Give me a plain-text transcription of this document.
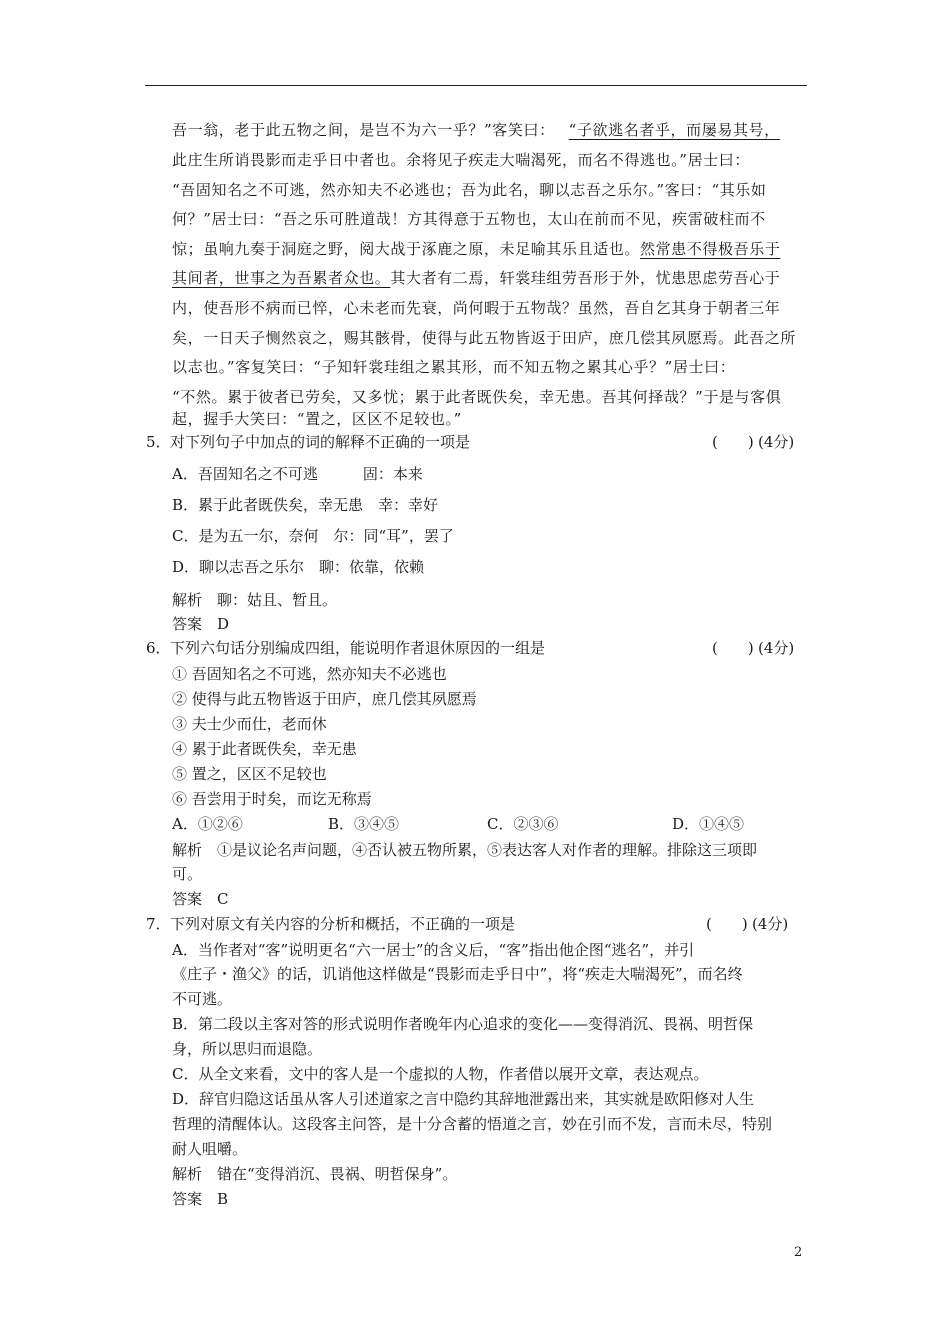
吾一翁，老于此五物之间，是岂不为六一乎？”客笑曰： “子欲逃名者乎，而屡易其号，
此庄生所诮畏影而走乎日中者也。余将见子疾走大喘渴死，而名不得逃也。”居士曰：
“吾固知名之不可逃，然亦知夫不必逃也；吾为此名，聊以志吾之乐尔。”客曰：“其乐如
何？”居士曰：“吾之乐可胜道哉！方其得意于五物也，太山在前而不见，疾雷破柱而不
惊；虽响九奏于洞庭之野，阅大战于涿鹿之原，未足喻其乐且适也。然常患不得极吾乐于
其间者，世事之为吾累者众也。其大者有二焉，轩裳珪组劳吾形于外，忧患思虑劳吾心于
内，使吾形不病而已悴，心未老而先衰，尚何暇于五物哉？虽然，吾自乞其身于朝者三年
矣，一日天子恻然哀之，赐其骸骨，使得与此五物皆返于田庐，庶几偿其夙愿焉。此吾之所
以志也。”客复笑曰：“子知轩裳珪组之累其形，而不知五物之累其心乎？”居士曰：
“不然。累于彼者已劳矣，又多忧；累于此者既佚矣，幸无患。吾其何择哉？”于是与客俱
起，握手大笑曰：“置之，区区不足较也。”
5．对下列句子中加点的词的解释不正确的一项是	(　　) (4分)
A．吾固知名之不可逃　　　固：本来
B．累于此者既佚矣，幸无患　幸：幸好
C．是为五一尔，奈何　尔：同“耳”，罢了
D．聊以志吾之乐尔　聊：依靠，依赖
解析　聊：姑且、暂且。
答案　D
6．下列六句话分别编成四组，能说明作者退休原因的一组是	(　　) (4分)
① 吾固知名之不可逃，然亦知夫不必逃也
② 使得与此五物皆返于田庐，庶几偿其夙愿焉
③ 夫士少而仕，老而休
④ 累于此者既佚矣，幸无患
⑤ 置之，区区不足较也
⑥ 吾尝用于时矣，而讫无称焉
A．①②⑥	B．③④⑤	C．②③⑥	D．①④⑤
解析　①是议论名声问题，④否认被五物所累，⑤表达客人对作者的理解。排除这三项即
可。
答案　C
7．下列对原文有关内容的分析和概括，不正确的一项是	(　　) (4分)
A．当作者对“客”说明更名“六一居士”的含义后，“客”指出他企图“逃名”，并引
《庄子・渔父》的话，讥诮他这样做是“畏影而走乎日中”，将“疾走大喘渴死”，而名终
不可逃。
B．第二段以主客对答的形式说明作者晚年内心追求的变化——变得消沉、畏祸、明哲保
身，所以思归而退隐。
C．从全文来看，文中的客人是一个虚拟的人物，作者借以展开文章，表达观点。
D．辞官归隐这话虽从客人引述道家之言中隐约其辞地泄露出来，其实就是欧阳修对人生
哲理的清醒体认。这段客主问答，是十分含蓄的悟道之言，妙在引而不发，言而未尽，特别
耐人咀嚼。
解析　错在“变得消沉、畏祸、明哲保身”。
答案　B
2
